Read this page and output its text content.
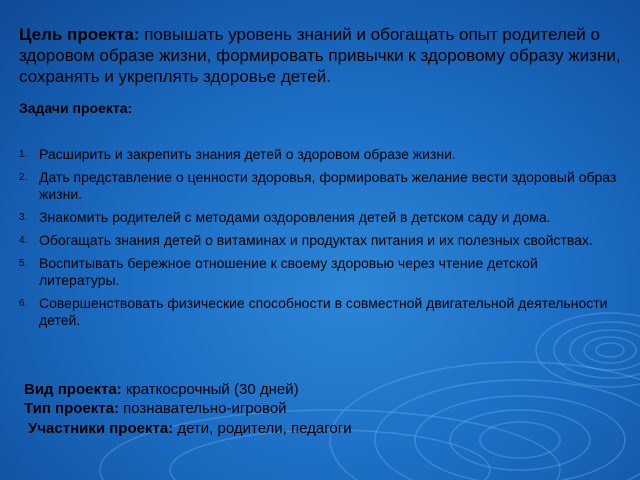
Цель проекта: повышать уровень знаний и обогащать опыт родителей о здоровом образе жизни, формировать привычки к здоровому образу жизни, сохранять и укреплять здоровье детей.
Задачи проекта:
1. Расширить и закрепить знания детей о здоровом образе жизни.
2. Дать представление о ценности здоровья, формировать желание вести здоровый образ жизни.
3. Знакомить родителей с методами оздоровления детей в детском саду и дома.
4. Обогащать знания детей о витаминах и продуктах питания и их полезных свойствах.
5. Воспитывать бережное отношение к своему здоровью через чтение детской литературы.
6. Совершенствовать физические способности в совместной двигательной деятельности детей.
Вид проекта: краткосрочный (30 дней)
Тип проекта: познавательно-игровой
Участники проекта: дети, родители, педагоги
